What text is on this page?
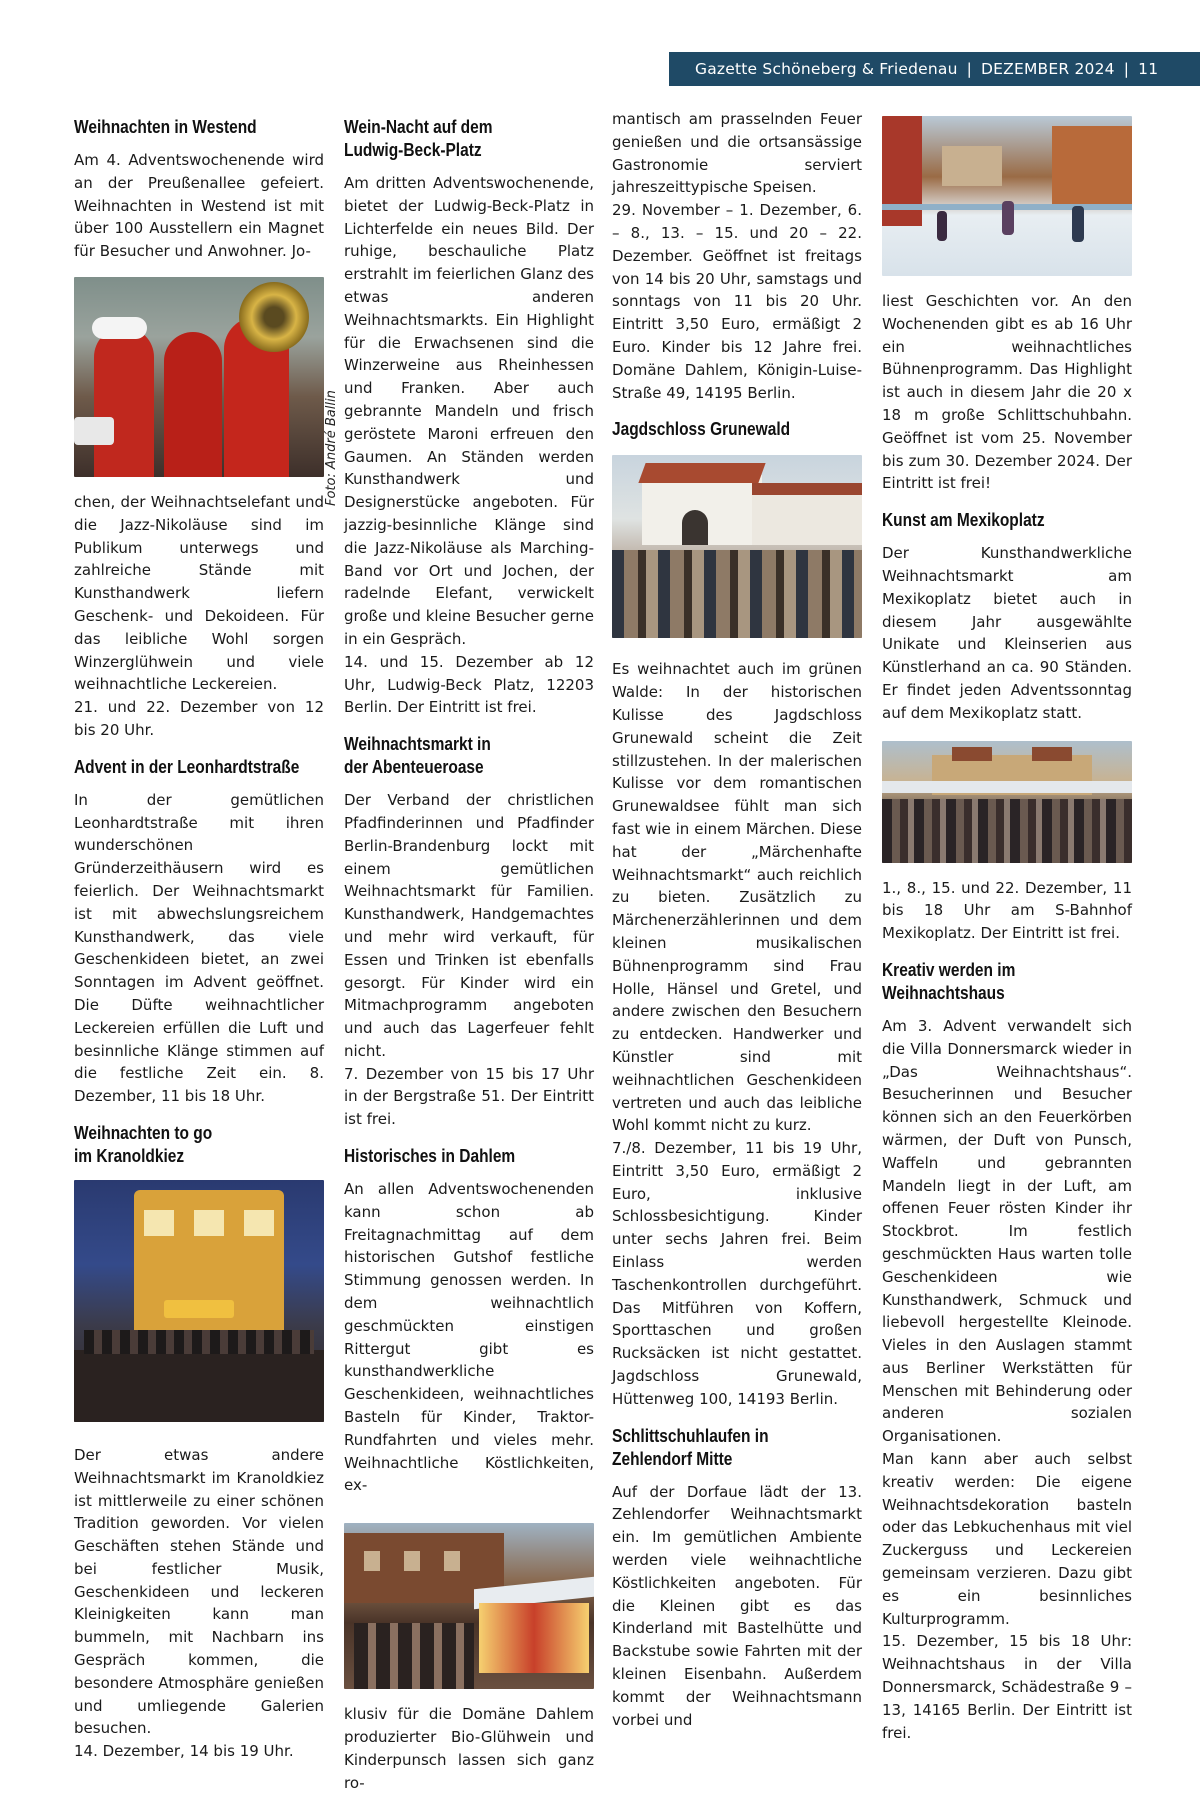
Gazette Schöneberg & Friedenau | DEZEMBER 2024 | 11
Weihnachten in Westend

Am 4. Adventswochenende wird an der Preußenallee gefeiert. Weihnachten in Westend ist mit über 100 Ausstellern ein Magnet für Besucher und Anwohner. Jo-

Foto: André Ballin

chen, der Weihnachtselefant und die Jazz-Nikoläuse sind im Publikum unterwegs und zahlreiche Stände mit Kunsthandwerk liefern Geschenk- und Dekoideen. Für das leibliche Wohl sorgen Winzerglühwein und viele weihnachtliche Leckereien.

21. und 22. Dezember von 12 bis 20 Uhr.

Advent in der Leonhardtstraße

In der gemütlichen Leonhardtstraße mit ihren wunderschönen Gründerzeithäusern wird es feierlich. Der Weihnachtsmarkt ist mit abwechslungsreichem Kunsthandwerk, das viele Geschenkideen bietet, an zwei Sonntagen im Advent geöffnet. Die Düfte weihnachtlicher Leckereien erfüllen die Luft und besinnliche Klänge stimmen auf die festliche Zeit ein. 8. Dezember, 11 bis 18 Uhr.

Weihnachten to go
im Kranoldkiez

Der etwas andere Weihnachtsmarkt im Kranoldkiez ist mittlerweile zu einer schönen Tradition geworden. Vor vielen Geschäften stehen Stände und bei festlicher Musik, Geschenkideen und leckeren Kleinigkeiten kann man bummeln, mit Nachbarn ins Gespräch kommen, die besondere Atmosphäre genießen und umliegende Galerien besuchen.

14. Dezember, 14 bis 19 Uhr.

Wein-Nacht auf dem
Ludwig-Beck-Platz

Am dritten Adventswochenende, bietet der Ludwig-Beck-Platz in Lichterfelde ein neues Bild. Der ruhige, beschauliche Platz erstrahlt im feierlichen Glanz des etwas anderen Weihnachtsmarkts. Ein Highlight für die Erwachsenen sind die Winzerweine aus Rheinhessen und Franken. Aber auch gebrannte Mandeln und frisch geröstete Maroni erfreuen den Gaumen. An Ständen werden Kunsthandwerk und Designerstücke angeboten. Für jazzig-besinnliche Klänge sind die Jazz-Nikoläuse als Marching-Band vor Ort und Jochen, der radelnde Elefant, verwickelt große und kleine Besucher gerne in ein Gespräch.

14. und 15. Dezember ab 12 Uhr, Ludwig-Beck Platz, 12203 Berlin. Der Eintritt ist frei.

Weihnachtsmarkt in
der Abenteueroase

Der Verband der christlichen Pfadfinderinnen und Pfadfinder Berlin-Brandenburg lockt mit einem gemütlichen Weihnachtsmarkt für Familien. Kunsthandwerk, Handgemachtes und mehr wird verkauft, für Essen und Trinken ist ebenfalls gesorgt. Für Kinder wird ein Mitmachprogramm angeboten und auch das Lagerfeuer fehlt nicht.

7. Dezember von 15 bis 17 Uhr in der Bergstraße 51. Der Eintritt ist frei.

Historisches in Dahlem

An allen Adventswochenenden kann schon ab Freitagnachmittag auf dem historischen Gutshof festliche Stimmung genossen werden. In dem weihnachtlich geschmückten einstigen Rittergut gibt es kunsthandwerkliche Geschenkideen, weihnachtliches Basteln für Kinder, Traktor-Rundfahrten und vieles mehr. Weihnachtliche Köstlichkeiten, ex-

klusiv für die Domäne Dahlem produzierter Bio-Glühwein und Kinderpunsch lassen sich ganz ro-

mantisch am prasselnden Feuer genießen und die ortsansässige Gastronomie serviert jahreszeittypische Speisen.

29. November – 1. Dezember, 6. – 8., 13. – 15. und 20 – 22. Dezember. Geöffnet ist freitags von 14 bis 20 Uhr, samstags und sonntags von 11 bis 20 Uhr. Eintritt 3,50 Euro, ermäßigt 2 Euro. Kinder bis 12 Jahre frei. Domäne Dahlem, Königin-Luise-Straße 49, 14195 Berlin.

Jagdschloss Grunewald

Es weihnachtet auch im grünen Walde: In der historischen Kulisse des Jagdschloss Grunewald scheint die Zeit stillzustehen. In der malerischen Kulisse vor dem romantischen Grunewaldsee fühlt man sich fast wie in einem Märchen. Diese hat der „Märchenhafte Weihnachtsmarkt“ auch reichlich zu bieten. Zusätzlich zu Märchenerzählerinnen und dem kleinen musikalischen Bühnenprogramm sind Frau Holle, Hänsel und Gretel, und andere zwischen den Besuchern zu entdecken. Handwerker und Künstler sind mit weihnachtlichen Geschenkideen vertreten und auch das leibliche Wohl kommt nicht zu kurz.

7./8. Dezember, 11 bis 19 Uhr, Eintritt 3,50 Euro, ermäßigt 2 Euro, inklusive Schlossbesichtigung. Kinder unter sechs Jahren frei. Beim Einlass werden Taschenkontrollen durchgeführt. Das Mitführen von Koffern, Sporttaschen und großen Rucksäcken ist nicht gestattet. Jagdschloss Grunewald, Hüttenweg 100, 14193 Berlin.

Schlittschuhlaufen in
Zehlendorf Mitte

Auf der Dorfaue lädt der 13. Zehlendorfer Weihnachtsmarkt ein. Im gemütlichen Ambiente werden viele weihnachtliche Köstlichkeiten angeboten. Für die Kleinen gibt es das Kinderland mit Bastelhütte und Backstube sowie Fahrten mit der kleinen Eisenbahn. Außerdem kommt der Weihnachtsmann vorbei und

liest Geschichten vor. An den Wochenenden gibt es ab 16 Uhr ein weihnachtliches Bühnenprogramm. Das Highlight ist auch in diesem Jahr die 20 x 18 m große Schlittschuhbahn. Geöffnet ist vom 25. November bis zum 30. Dezember 2024. Der Eintritt ist frei!

Kunst am Mexikoplatz

Der Kunsthandwerkliche Weihnachtsmarkt am Mexikoplatz bietet auch in diesem Jahr ausgewählte Unikate und Kleinserien aus Künstlerhand an ca. 90 Ständen. Er findet jeden Adventssonntag auf dem Mexikoplatz statt.

1., 8., 15. und 22. Dezember, 11 bis 18 Uhr am S-Bahnhof Mexikoplatz. Der Eintritt ist frei.

Kreativ werden im
Weihnachtshaus

Am 3. Advent verwandelt sich die Villa Donnersmarck wieder in „Das Weihnachtshaus“. Besucherinnen und Besucher können sich an den Feuerkörben wärmen, der Duft von Punsch, Waffeln und gebrannten Mandeln liegt in der Luft, am offenen Feuer rösten Kinder ihr Stockbrot. Im festlich geschmückten Haus warten tolle Geschenkideen wie Kunsthandwerk, Schmuck und liebevoll hergestellte Kleinode. Vieles in den Auslagen stammt aus Berliner Werkstätten für Menschen mit Behinderung oder anderen sozialen Organisationen.

Man kann aber auch selbst kreativ werden: Die eigene Weihnachtsdekoration basteln oder das Lebkuchenhaus mit viel Zuckerguss und Leckereien gemeinsam verzieren. Dazu gibt es ein besinnliches Kulturprogramm.

15. Dezember, 15 bis 18 Uhr: Weihnachtshaus in der Villa Donnersmarck, Schädestraße 9 – 13, 14165 Berlin. Der Eintritt ist frei.
